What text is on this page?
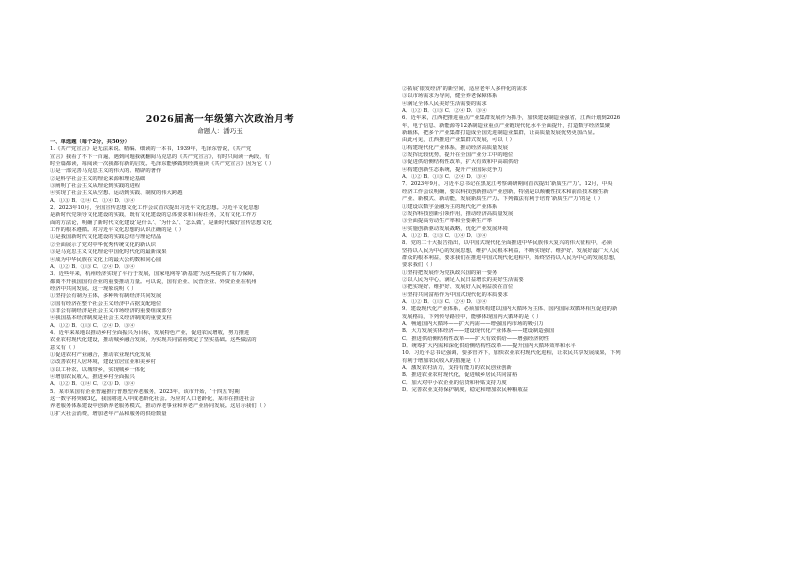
2026届高一年级第六次政治月考
命题人：潘巧玉
一、单选题（每个2分，共50分）
1.《共产党宣言》是无法来说、精编、细读的一本书，1939年，毛泽东曾说，《共产党
宣言》我看了不下一百遍，遇到问题我就翻阅马克思的《共产党宣言》，有时只阅读一两段，有
时全篇都读，每阅读一次我都有新的启发。毛泽东能够做到经典重读《共产党宣言》因为它（ ）
①是一部完善马克思主义的伟大的、精辟的著作
②是科学社会主义的理论来源和理论基础
③阐明了社会主义从理论到实践的进程
④实现了社会主义从空想、运动到实践、制度的伟大跨越
A．①③ B．②④ C．①④ D．③④
2．2023年10月，全国宣传思想文化工作会议首次提出习近平文化思想。习近平文化思想
是新时代党领导文化建设的实践，既有文化建设的总体要求和目标任务，又有文化工作方
面的方法论，明确了新时代文化建设‘是什么’、‘为什么’、‘怎么做’，是新时代做好宣传思想文化
工作的根本遵循。对习近平文化思想的认识正确的是（ ）
①是我国新时代文化建设的实践总结与理论结晶
②全面展示了党对中华优秀传统文化的新认识
③是马克思主义文化理论中国化时代化的最新成果
④成为中华民族在文化上的最大公约数和同心圆
A．①② B．①③ C．②④ D．③④
3．近些年来，杭州经济实现了平行于发展，国家电网等‘新基建’为这些提供了有力保障，
都离不开我国国有企业的重要推动力量。可以说，国有企业、民营企业、外资企业在杭州
经济中共同发展。这一现象说明（ ）
①坚持公有制为主体，多种所有制经济共同发展
②国有经济在整个社会主义经济中占据支配地位
③非公有制经济是社会主义市场经济的重要组成部分
④我国基本经济制度是社会主义经济制度的重要支柱
A．①② B．①③ C．②④ D．③④
4．近年来某地以推动乡村全面振兴为目标，发展特色产业，促进农民增收，努力推进
农业农村现代化建设，推动城乡融合发展，为实现共同富裕奠定了坚实基础。这些做法的
意义有（ ）
①促进农村产业融合，推动农业现代化发展
②改善农村人居环境，建设宜居宜业和美乡村
③以工补农、以城带乡，实现城乡一体化
④增加农民收入，推进乡村全面振兴
A．①② B．①④ C．②③ D．③④
5．某市某国有企业普遍推行普惠型养老服务，2023年，该市开始，‘十四五’时期
这一数字将突破3亿，我国将进入中度老龄化社会。为应对人口老龄化，某市在推进社会
养老服务体系建设中创新养老服务模式，推动养老事业和养老产业协同发展。这启示我们（ ）
①扩大社会消费，增加老年产品和服务的供给数量
②拓展‘银发经济’的新空间，适应老年人多样化的需求
③以市场需求为导向，健全养老保障体系
④满足全体人民美好生活需要的需求
A．①② B．①③ C．②④ D．③④
6．近年来，江西把推进重点产业集群发展作为抓手，加快建设制造业强省，江西计划到2026
年，电子信息、新能源等12条制造业重点产业链现代化水平全面提升，打造数字经济集聚
新载体，把多个产业集群打造成全国先进制造业集群，让高质量发展优势更加凸显。
由此可见，江西推进产业集群式发展，可以（ ）
①构建现代化产业体系，推动经济高质量发展
②发挥比较优势，提升在全国产业分工中的地位
③促进供给侧结构性改革，扩大有效和中高端供给
④构建创新生态系统，提升产业国际竞争力
A．①② B．①③ C．②④ D．③④
7．2023年9月，习近平总书记在黑龙江考察调研期间首次提出‘新质生产力’。12月，中央
经济工作会议明确，要以科技创新推动产业创新，特别是以颠覆性技术和前沿技术催生新
产业、新模式、新动能，发展新质生产力。下列做法有利于培育‘新质生产力’的是（ ）
①建设以数字金融为主的现代化产业体系
②发挥科技创新引领作用，推动经济高质量发展
③全面提高劳动生产率和全要素生产率
④实施创新驱动发展战略，优化产业发展环境
A．①② B．②③ C．①④ D．③④
8．党的二十大报告指出，以中国式现代化全面推进中华民族伟大复兴的伟大征程中，必须
坚持以人民为中心的发展思想，维护人民根本利益，不断实现好、维护好、发展好最广大人民
群众的根本利益，要求我们在推进中国式现代化进程中，始终坚持以人民为中心的发展思想，
要求我们（ ）
①坚持把发展作为党执政兴国的第一要务
②以人民为中心，满足人民日益增长的美好生活需要
③把实现好、维护好、发展好人民利益放在首位
④坚持共同富裕作为中国式现代化的本质要求
A．①② B．①③ C．②④ D．③④
9．建设现代化产业体系，必须加快构建以国内大循环为主体、国内国际双循环相互促进的新
发展格局，下列传导路径中，能够体现国内大循环的是（ ）
A．畅通国内大循环——扩大内需——增强国内市场的吸引力
B．大力发展实体经济——建设现代化产业体系——建设制造强国
C．推进供给侧结构性改革——扩大有效供给——增强经济韧性
D．统筹扩大内需和深化供给侧结构性改革——提升国内大循环效率和水平
10．习近平总书记强调，要多管齐下，加快农业农村现代化进程，让农民共享发展成果，下列
有利于增加农民收入的措施是（ ）
A．激发农村活力，支持有能力的农民创业创新
B．推进农业农村现代化，促进城乡居民共同富裕
C．加大对中小农企业的信贷和补贴支持力度
D．完善农业支持保护制度，稳定和增加农民种粮收益
